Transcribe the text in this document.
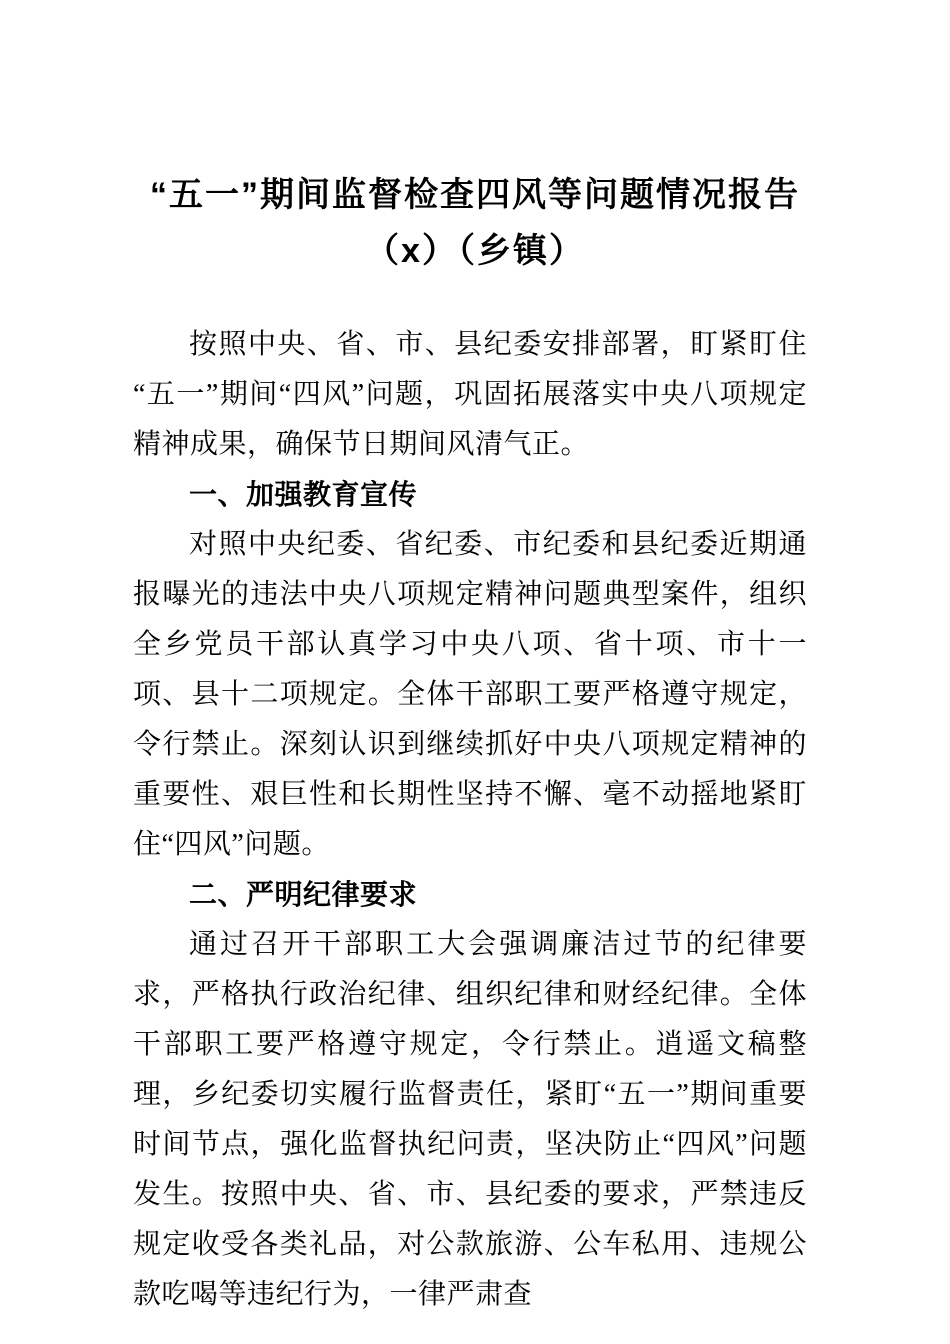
“五一”期间监督检查四风等问题情况报告（x）（乡镇）

按照中央、省、市、县纪委安排部署，盯紧盯住“五一”期间“四风”问题，巩固拓展落实中央八项规定精神成果，确保节日期间风清气正。

一、加强教育宣传

对照中央纪委、省纪委、市纪委和县纪委近期通报曝光的违法中央八项规定精神问题典型案件，组织全乡党员干部认真学习中央八项、省十项、市十一项、县十二项规定。全体干部职工要严格遵守规定，令行禁止。深刻认识到继续抓好中央八项规定精神的重要性、艰巨性和长期性坚持不懈、毫不动摇地紧盯住“四风”问题。

二、严明纪律要求

通过召开干部职工大会强调廉洁过节的纪律要求，严格执行政治纪律、组织纪律和财经纪律。全体干部职工要严格遵守规定，令行禁止。逍遥文稿整理，乡纪委切实履行监督责任，紧盯“五一”期间重要时间节点，强化监督执纪问责，坚决防止“四风”问题发生。按照中央、省、市、县纪委的要求，严禁违反规定收受各类礼品，对公款旅游、公车私用、违规公款吃喝等违纪行为，一律严肃查
